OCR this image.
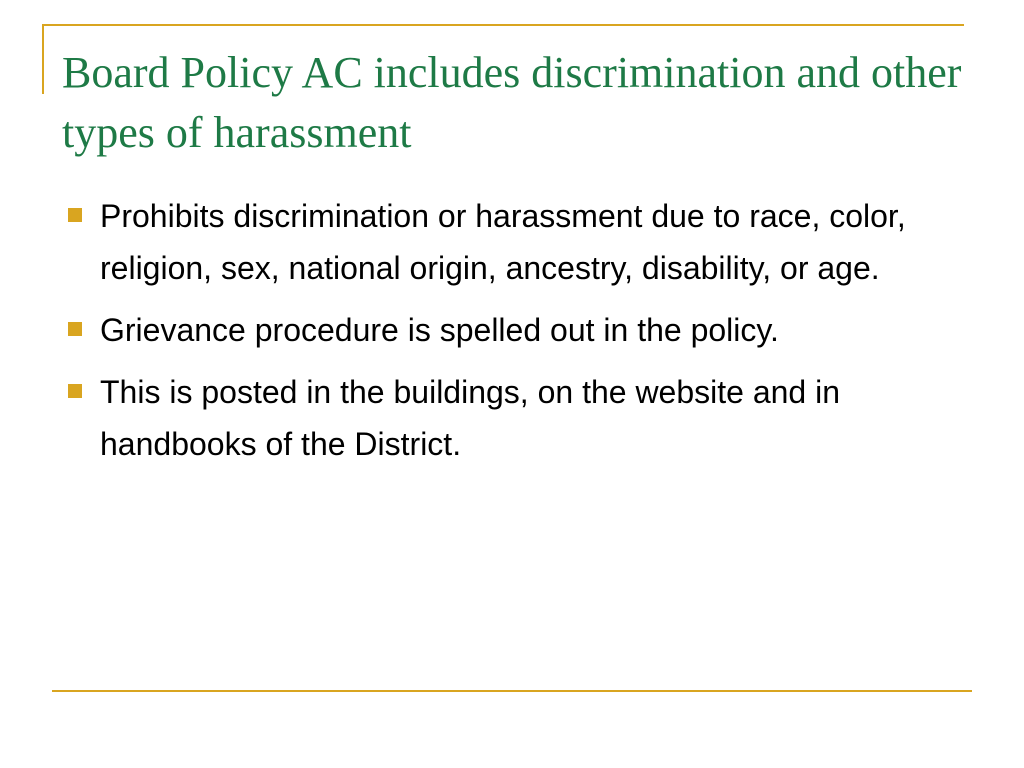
Board Policy AC includes discrimination and other types of harassment
Prohibits discrimination or harassment due to race, color, religion, sex, national origin, ancestry, disability, or age.
Grievance procedure is spelled out in the policy.
This is posted in the buildings, on the website and in handbooks of the District.
